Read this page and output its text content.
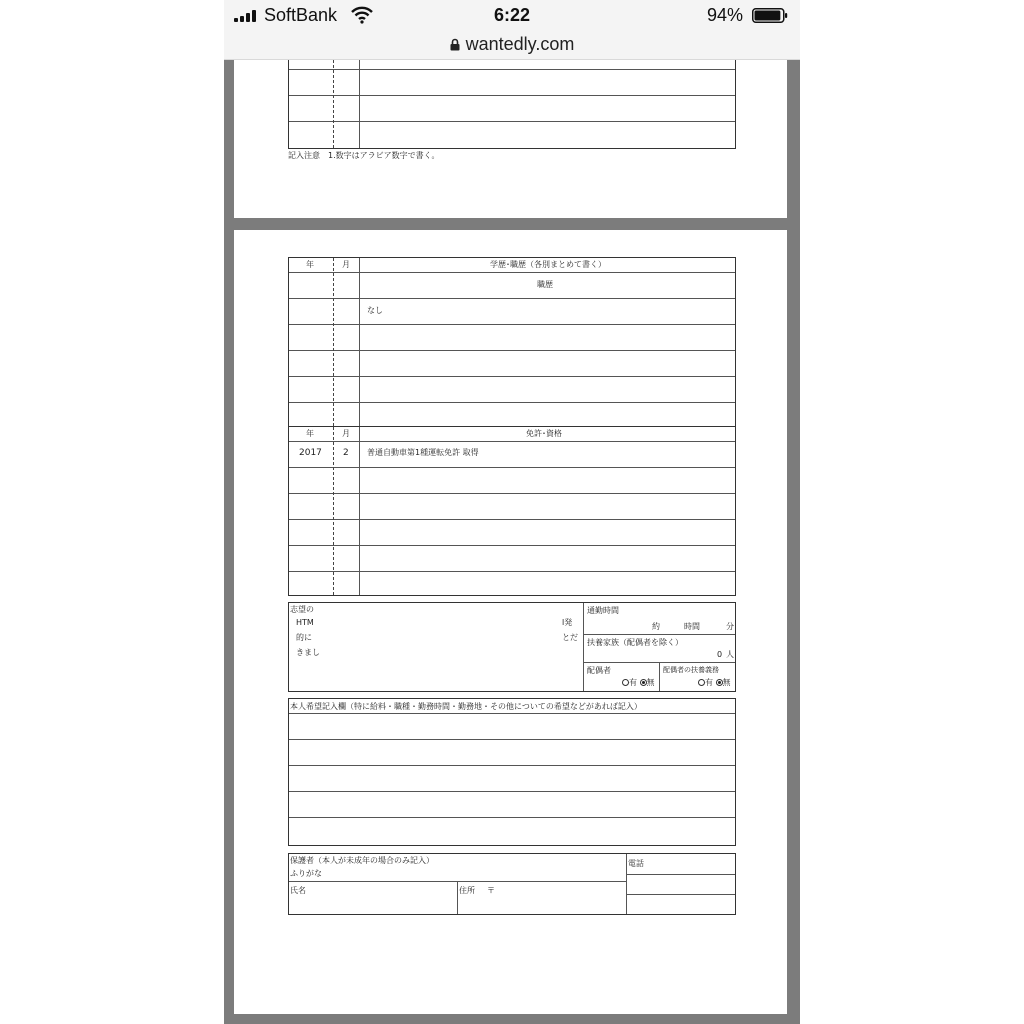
SoftBank	6:22	94%
wantedly.com
記入注意　1.数字はアラビア数字で書く。
年	月	学歴･職歴（各別まとめて書く）
職歴
なし
年	月	免許･資格
2017 2 普通自動車第1種運転免許 取得
志望の
HTM	l発
的に	とだ
きまし
通勤時間
約	時間	分
扶養家族（配偶者を除く）
0 人
配偶者
有 無
配偶者の扶養義務
有 無
本人希望記入欄（特に給料・職種・勤務時間・勤務地・その他についての希望などがあれば記入）
保護者（本人が未成年の場合のみ記入）
ふりがな
氏名	住所 〒
電話
